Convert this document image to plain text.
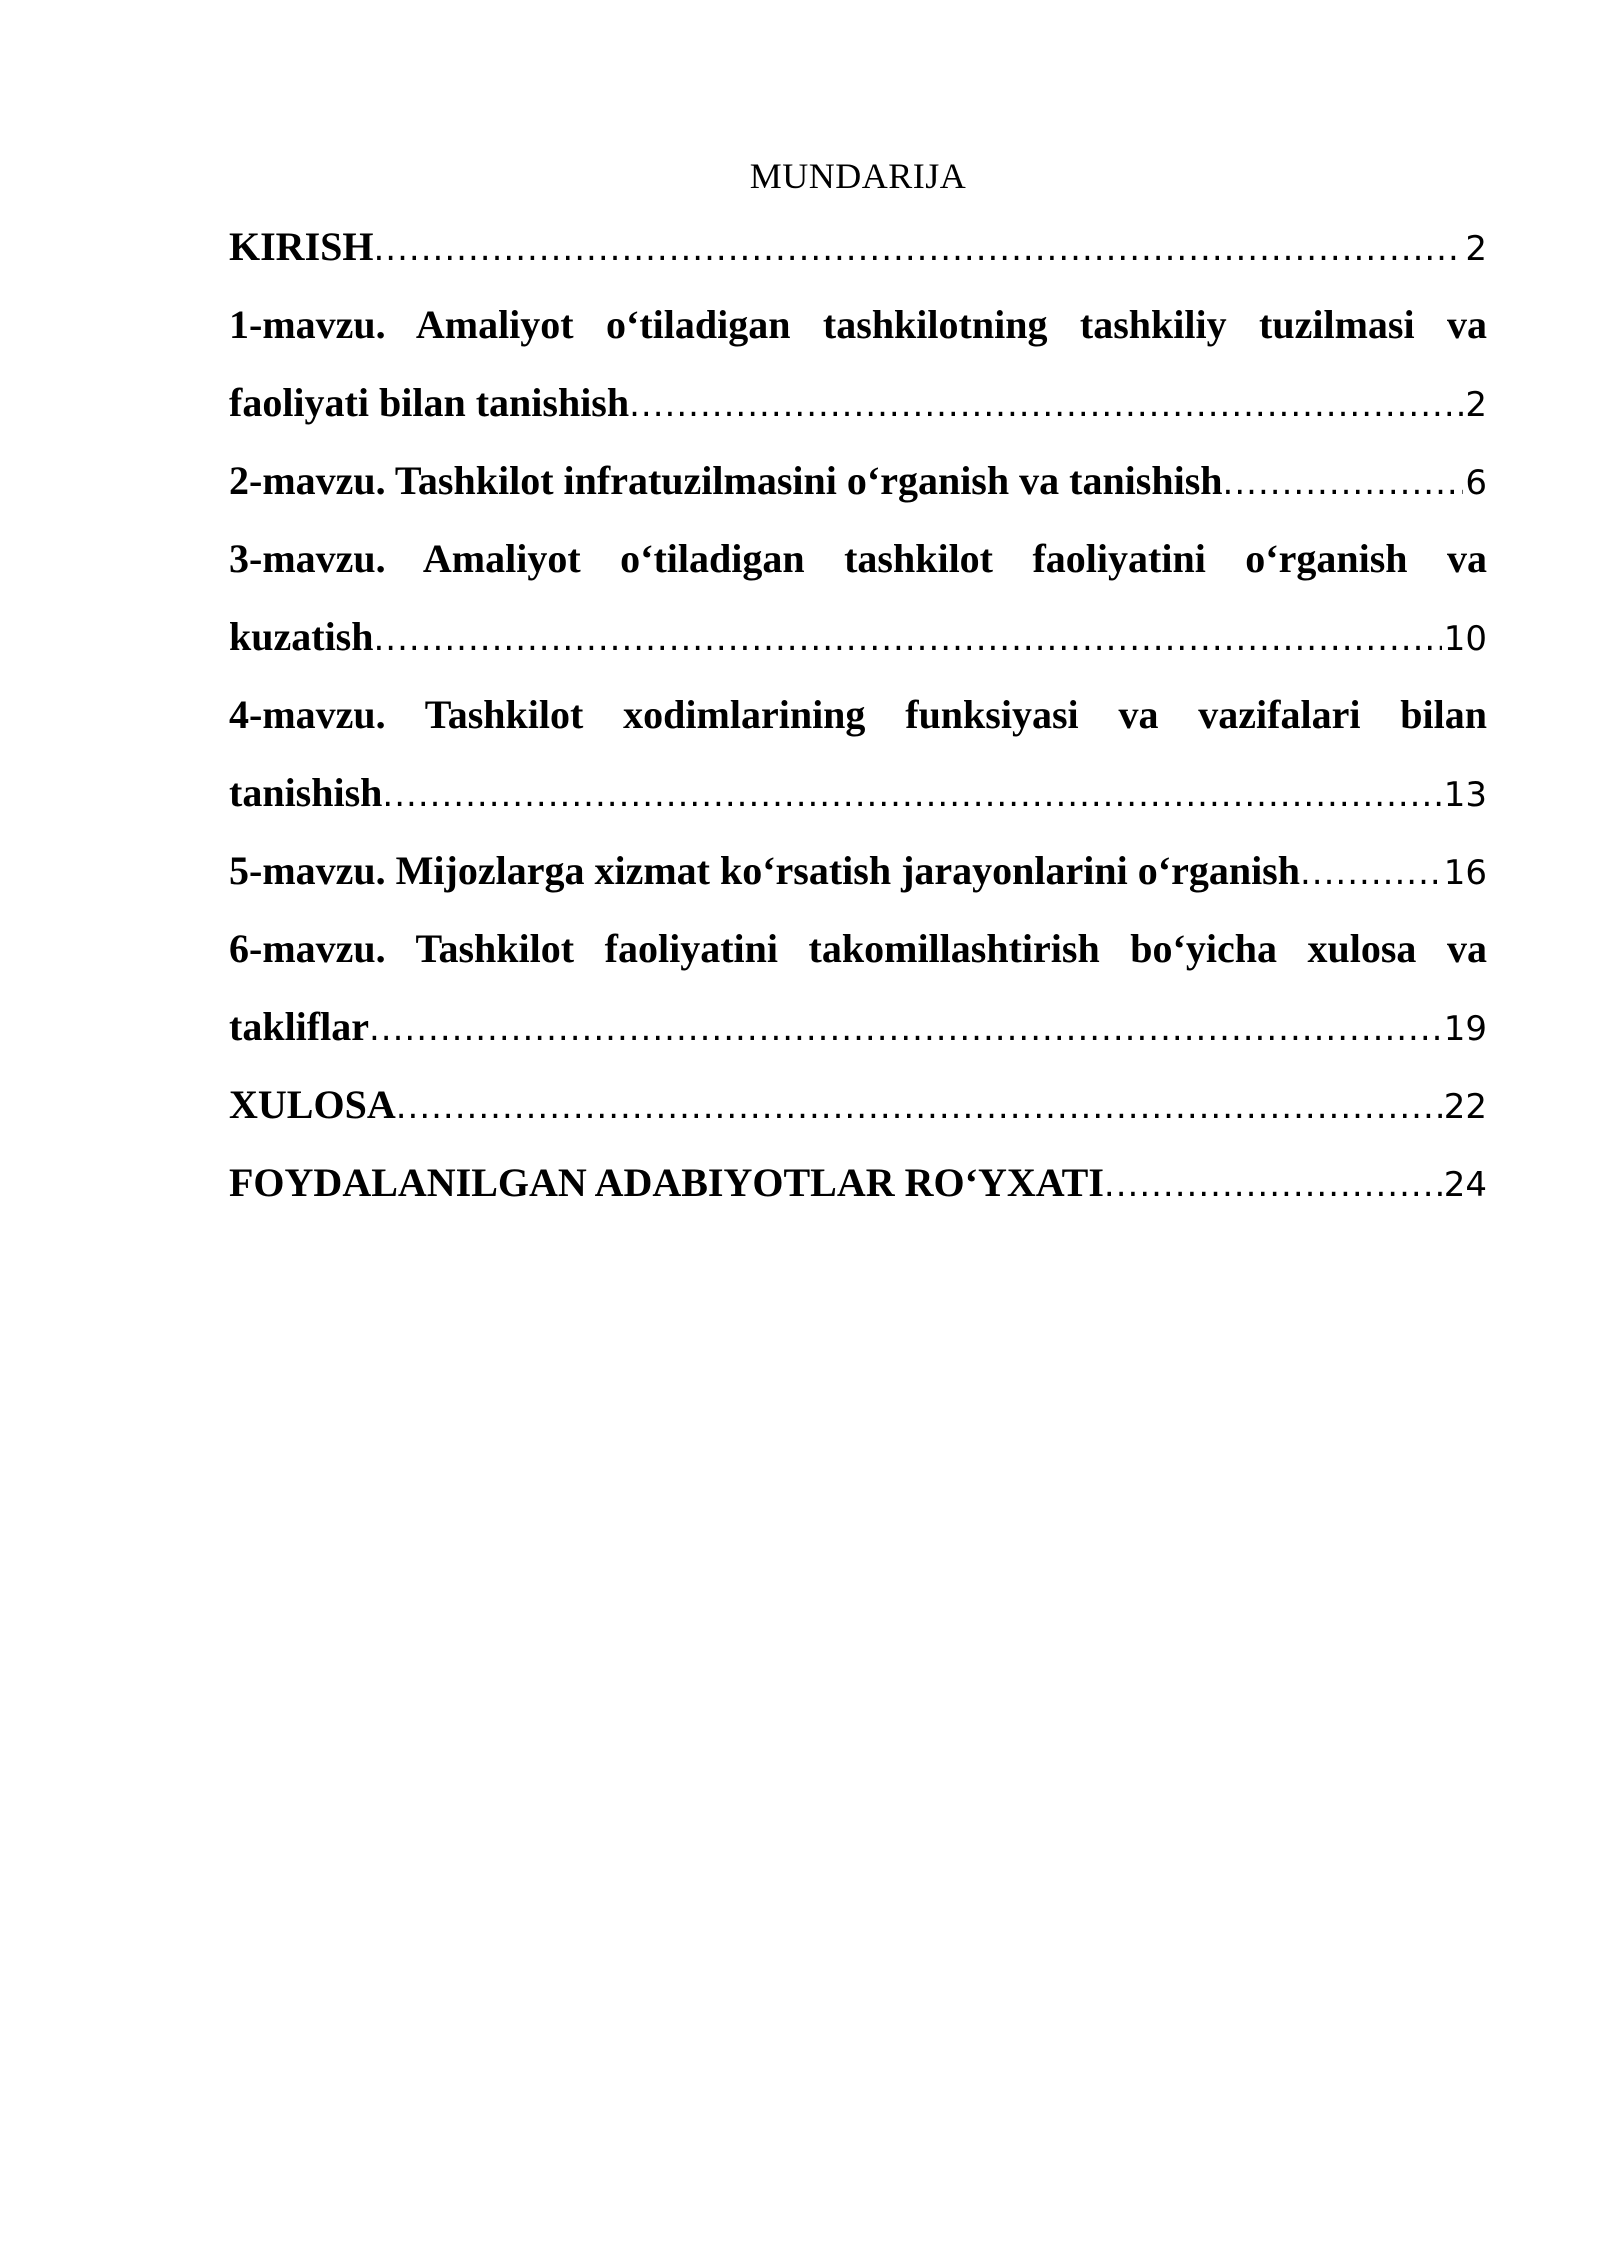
MUNDARIJA
KIRISH .....	2
1-mavzu. Amaliyot o‘tiladigan tashkilotning tashkiliy tuzilmasi va
faoliyati bilan tanishish .....	2
2-mavzu. Tashkilot infratuzilmasini o‘rganish va tanishish .....	6
3-mavzu. Amaliyot o‘tiladigan tashkilot faoliyatini o‘rganish va
kuzatish .....	10
4-mavzu. Tashkilot xodimlarining funksiyasi va vazifalari bilan
tanishish .....	13
5-mavzu. Mijozlarga xizmat ko‘rsatish jarayonlarini o‘rganish .....	16
6-mavzu. Tashkilot faoliyatini takomillashtirish bo‘yicha xulosa va
takliflar .....	19
XULOSA .....	22
FOYDALANILGAN ADABIYOTLAR RO‘YXATI .....	24
